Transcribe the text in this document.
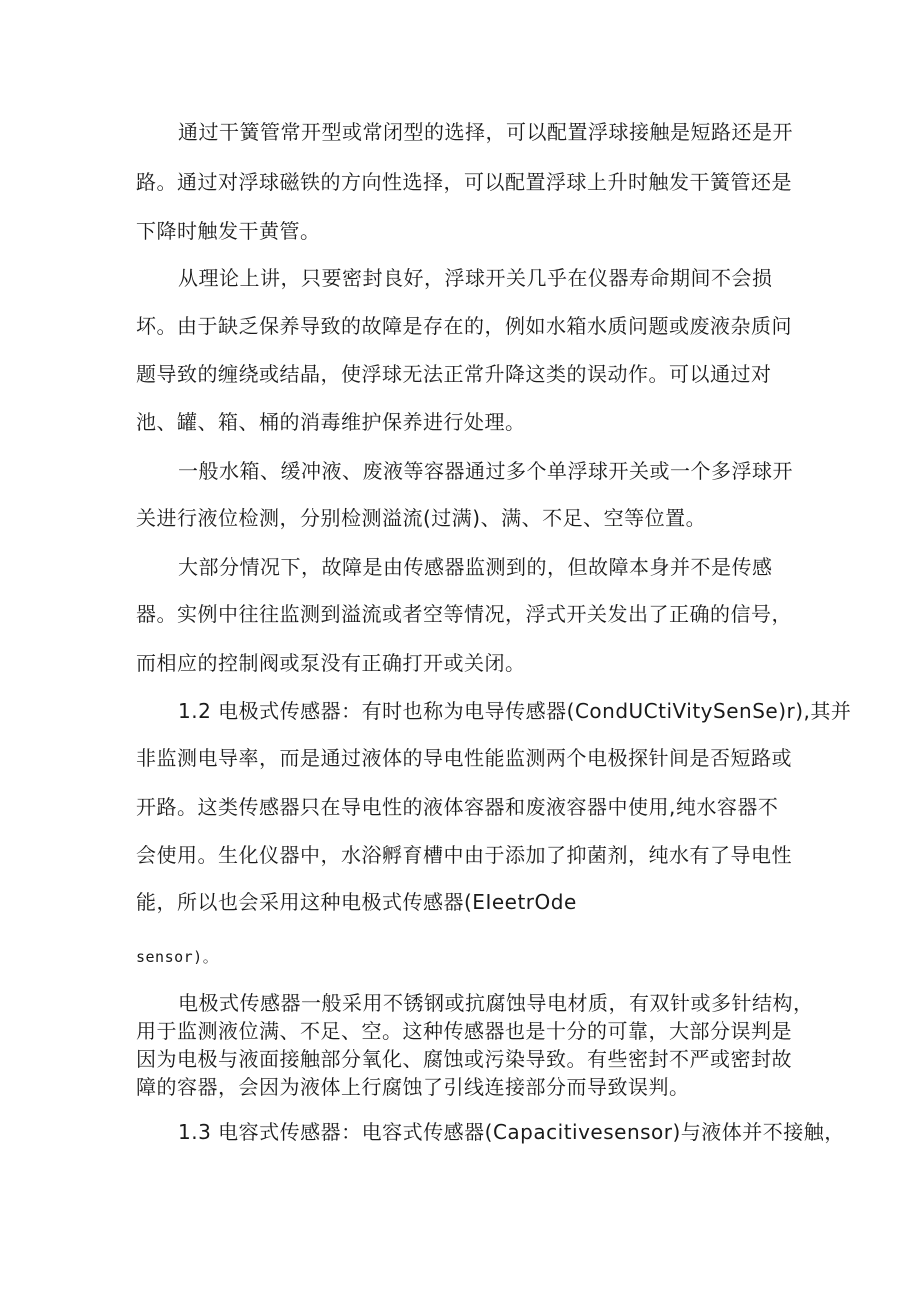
通过干簧管常开型或常闭型的选择，可以配置浮球接触是短路还是开
路。通过对浮球磁铁的方向性选择，可以配置浮球上升时触发干簧管还是
下降时触发干黄管。
从理论上讲，只要密封良好，浮球开关几乎在仪器寿命期间不会损
坏。由于缺乏保养导致的故障是存在的，例如水箱水质问题或废液杂质问
题导致的缠绕或结晶，使浮球无法正常升降这类的误动作。可以通过对
池、罐、箱、桶的消毒维护保养进行处理。
一般水箱、缓冲液、废液等容器通过多个单浮球开关或一个多浮球开
关进行液位检测，分别检测溢流(过满)、满、不足、空等位置。
大部分情况下，故障是由传感器监测到的，但故障本身并不是传感
器。实例中往往监测到溢流或者空等情况，浮式开关发出了正确的信号，
而相应的控制阀或泵没有正确打开或关闭。
1.2 电极式传感器：有时也称为电导传感器(CondUCtiVitySenSe)r),其并
非监测电导率，而是通过液体的导电性能监测两个电极探针间是否短路或
开路。这类传感器只在导电性的液体容器和废液容器中使用,纯水容器不
会使用。生化仪器中，水浴孵育槽中由于添加了抑菌剂，纯水有了导电性
能，所以也会采用这种电极式传感器(EIeetrOde
sensor)。
电极式传感器一般采用不锈钢或抗腐蚀导电材质，有双针或多针结构，
用于监测液位满、不足、空。这种传感器也是十分的可靠，大部分误判是
因为电极与液面接触部分氧化、腐蚀或污染导致。有些密封不严或密封故
障的容器，会因为液体上行腐蚀了引线连接部分而导致误判。
1.3 电容式传感器：电容式传感器(Capacitivesensor)与液体并不接触，
